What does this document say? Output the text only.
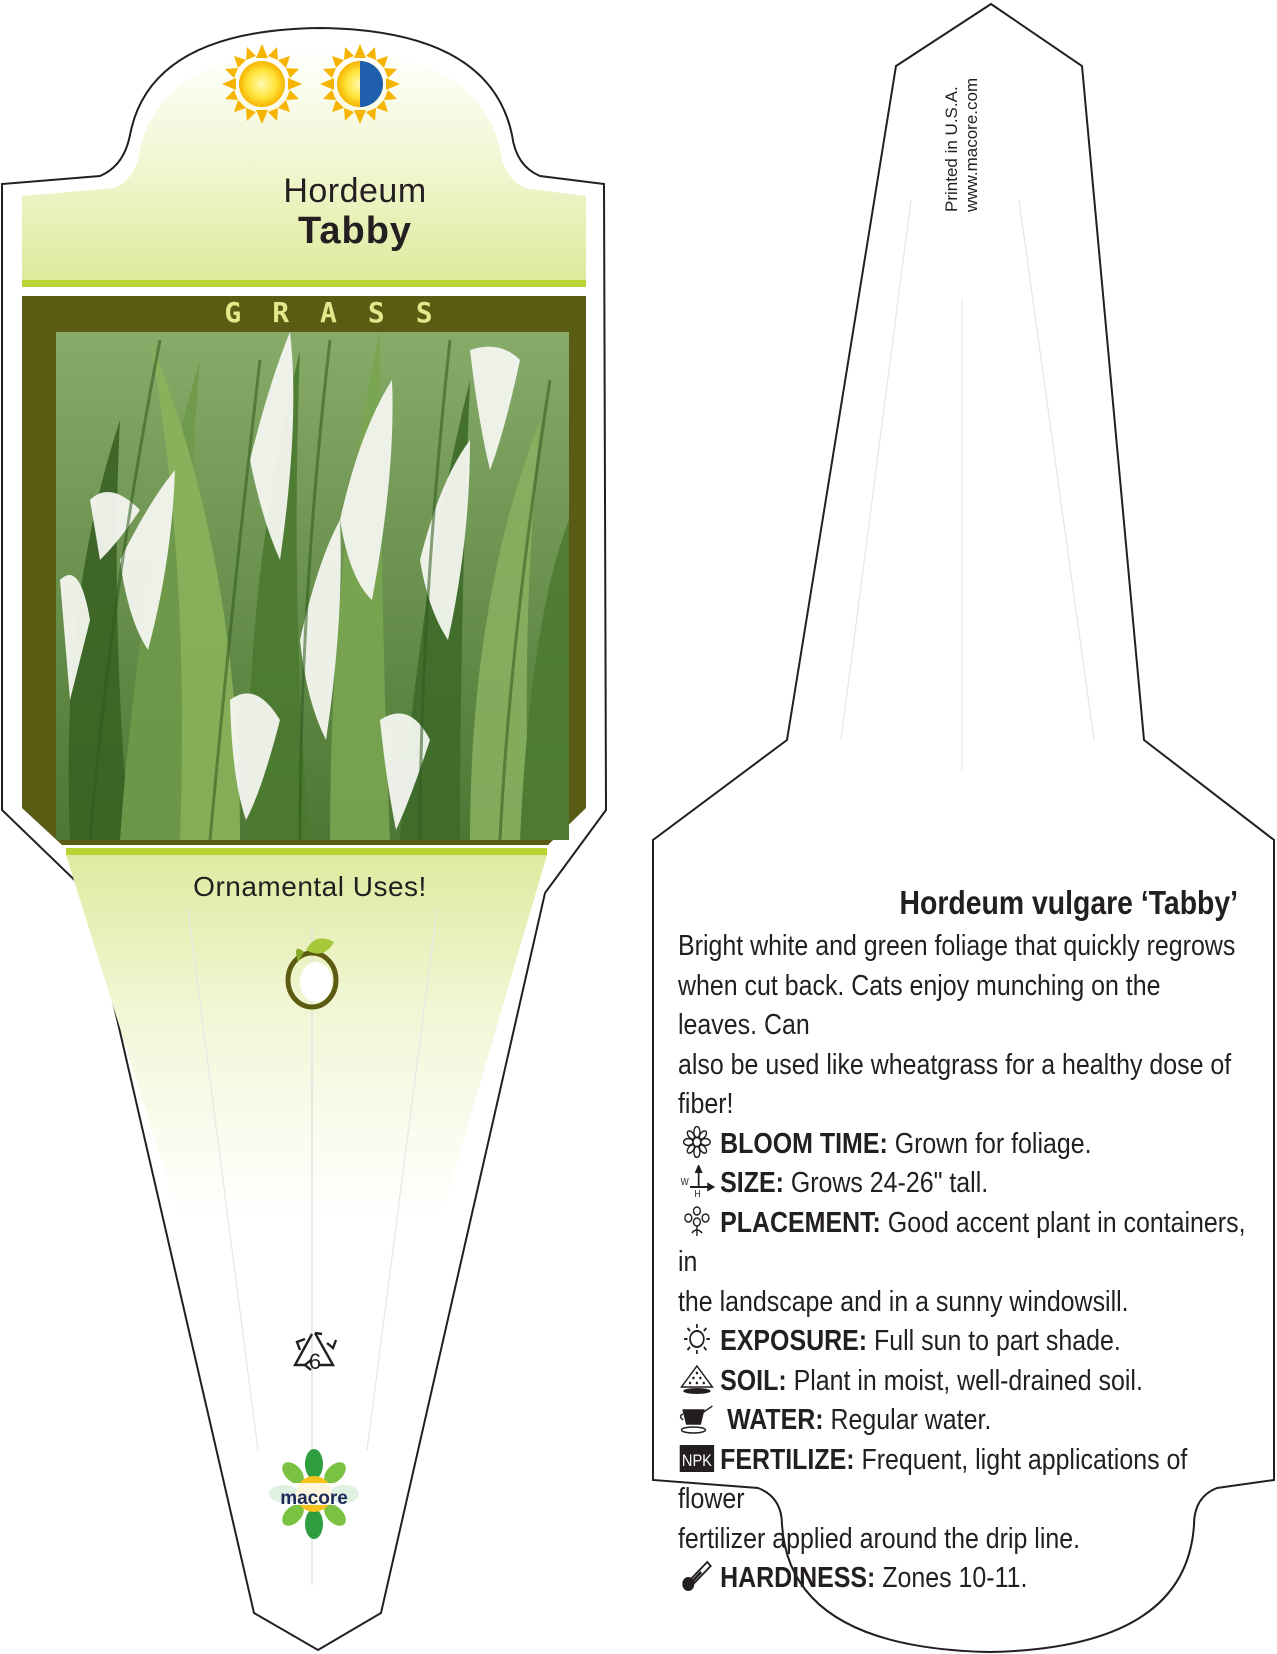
Hordeum
Tabby
GRASS
Ornamental Uses!
6
macore
Printed in U.S.A. www.macore.com
Hordeum vulgare ‘Tabby’

Bright white and green foliage that quickly regrows

when cut back. Cats enjoy munching on the leaves. Can

also be used like wheatgrass for a healthy dose of fiber!

BLOOM TIME: Grown for foliage.
W
H SIZE: Grows 24-26" tall.
PLACEMENT: Good accent plant in containers, in
the landscape and in a sunny windowsill.
EXPOSURE: Full sun to part shade.
SOIL: Plant in moist, well-drained soil.
WATER: Regular water.
NPK FERTILIZE: Frequent, light applications of flower
fertilizer applied around the drip line.
HARDINESS: Zones 10-11.
